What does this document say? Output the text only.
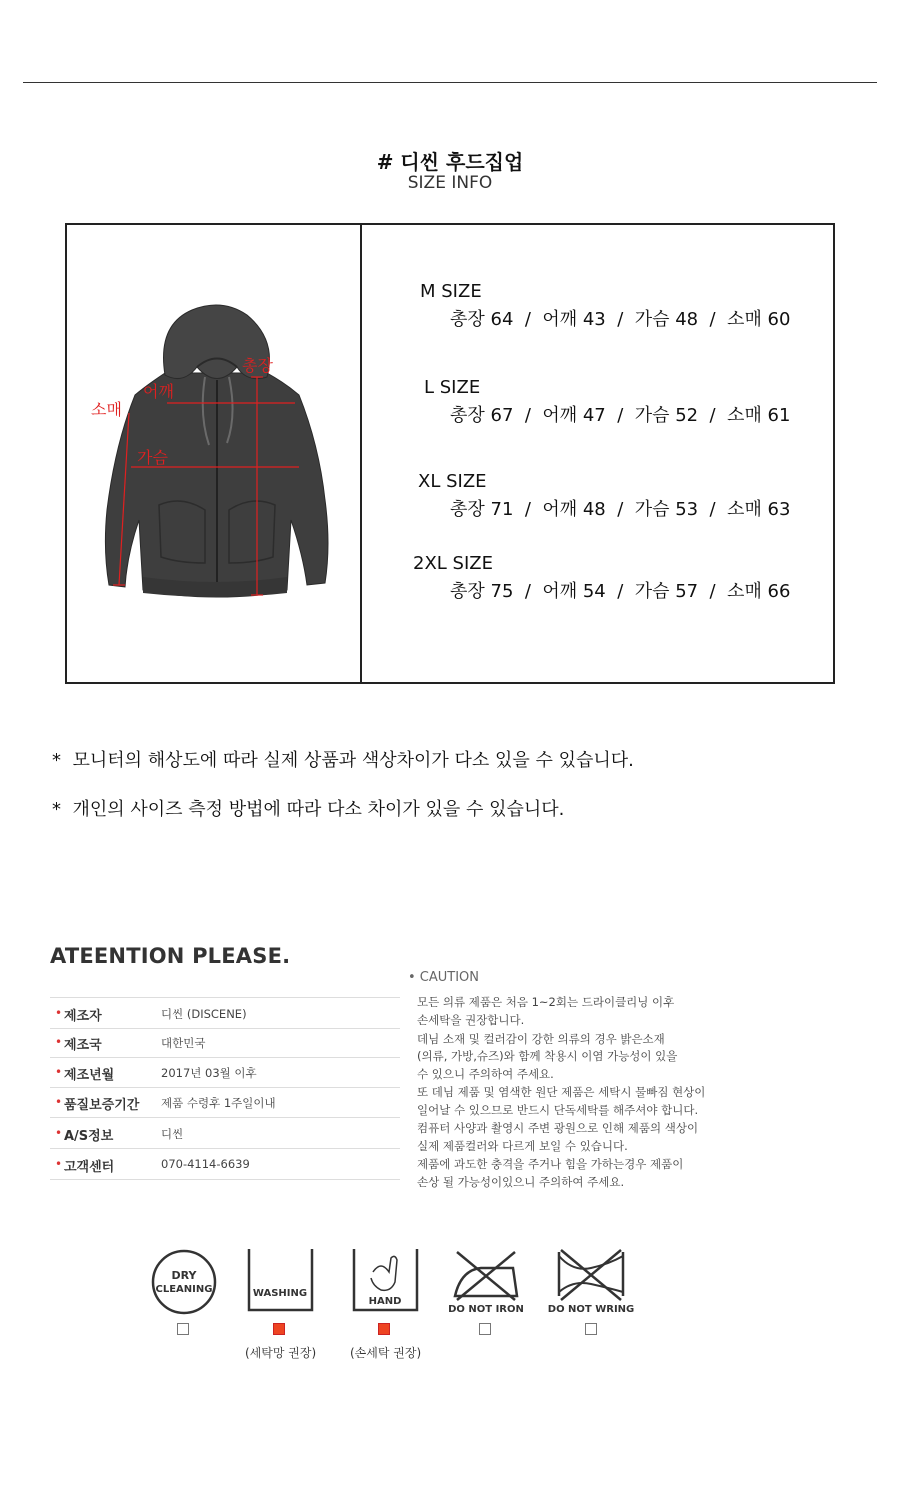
# 디씬 후드집업
SIZE INFO
총장
어깨
소매
가슴
M SIZE
총장 64  /  어깨 43  /  가슴 48  /  소매 60
L SIZE
총장 67  /  어깨 47  /  가슴 52  /  소매 61
XL SIZE
총장 71  /  어깨 48  /  가슴 53  /  소매 63
2XL SIZE
총장 75  /  어깨 54  /  가슴 57  /  소매 66
*  모니터의 해상도에 따라 실제 상품과 색상차이가 다소 있을 수 있습니다.
*  개인의 사이즈 측정 방법에 따라 다소 차이가 있을 수 있습니다.
ATEENTION PLEASE.
• 제조자	디씬 (DISCENE)
• 제조국	대한민국
• 제조년월	2017년 03월 이후
• 품질보증기간 제품 수령후 1주일이내
• A/S정보	디씬
• 고객센터	070-4114-6639
• CAUTION
모든 의류 제품은 처음 1~2회는 드라이클리닝 이후
손세탁을 권장합니다.
데님 소재 및 컬러감이 강한 의류의 경우 밝은소재
(의류, 가방,슈즈)와 함께 착용시 이염 가능성이 있을
수 있으니 주의하여 주세요.
또 데님 제품 및 염색한 원단 제품은 세탁시 물빠짐 현상이
일어날 수 있으므로 반드시 단독세탁를 해주셔야 합니다.
컴퓨터 사양과 촬영시 주변 광원으로 인해 제품의 색상이
실제 제품컬러와 다르게 보일 수 있습니다.
제품에 과도한 충격을 주거나 힘을 가하는경우 제품이
손상 될 가능성이있으니 주의하여 주세요.
DRY
CLEANING	WASHING
HAND
DO NOT IRON DO NOT WRING
(세탁망 권장)	(손세탁 권장)
